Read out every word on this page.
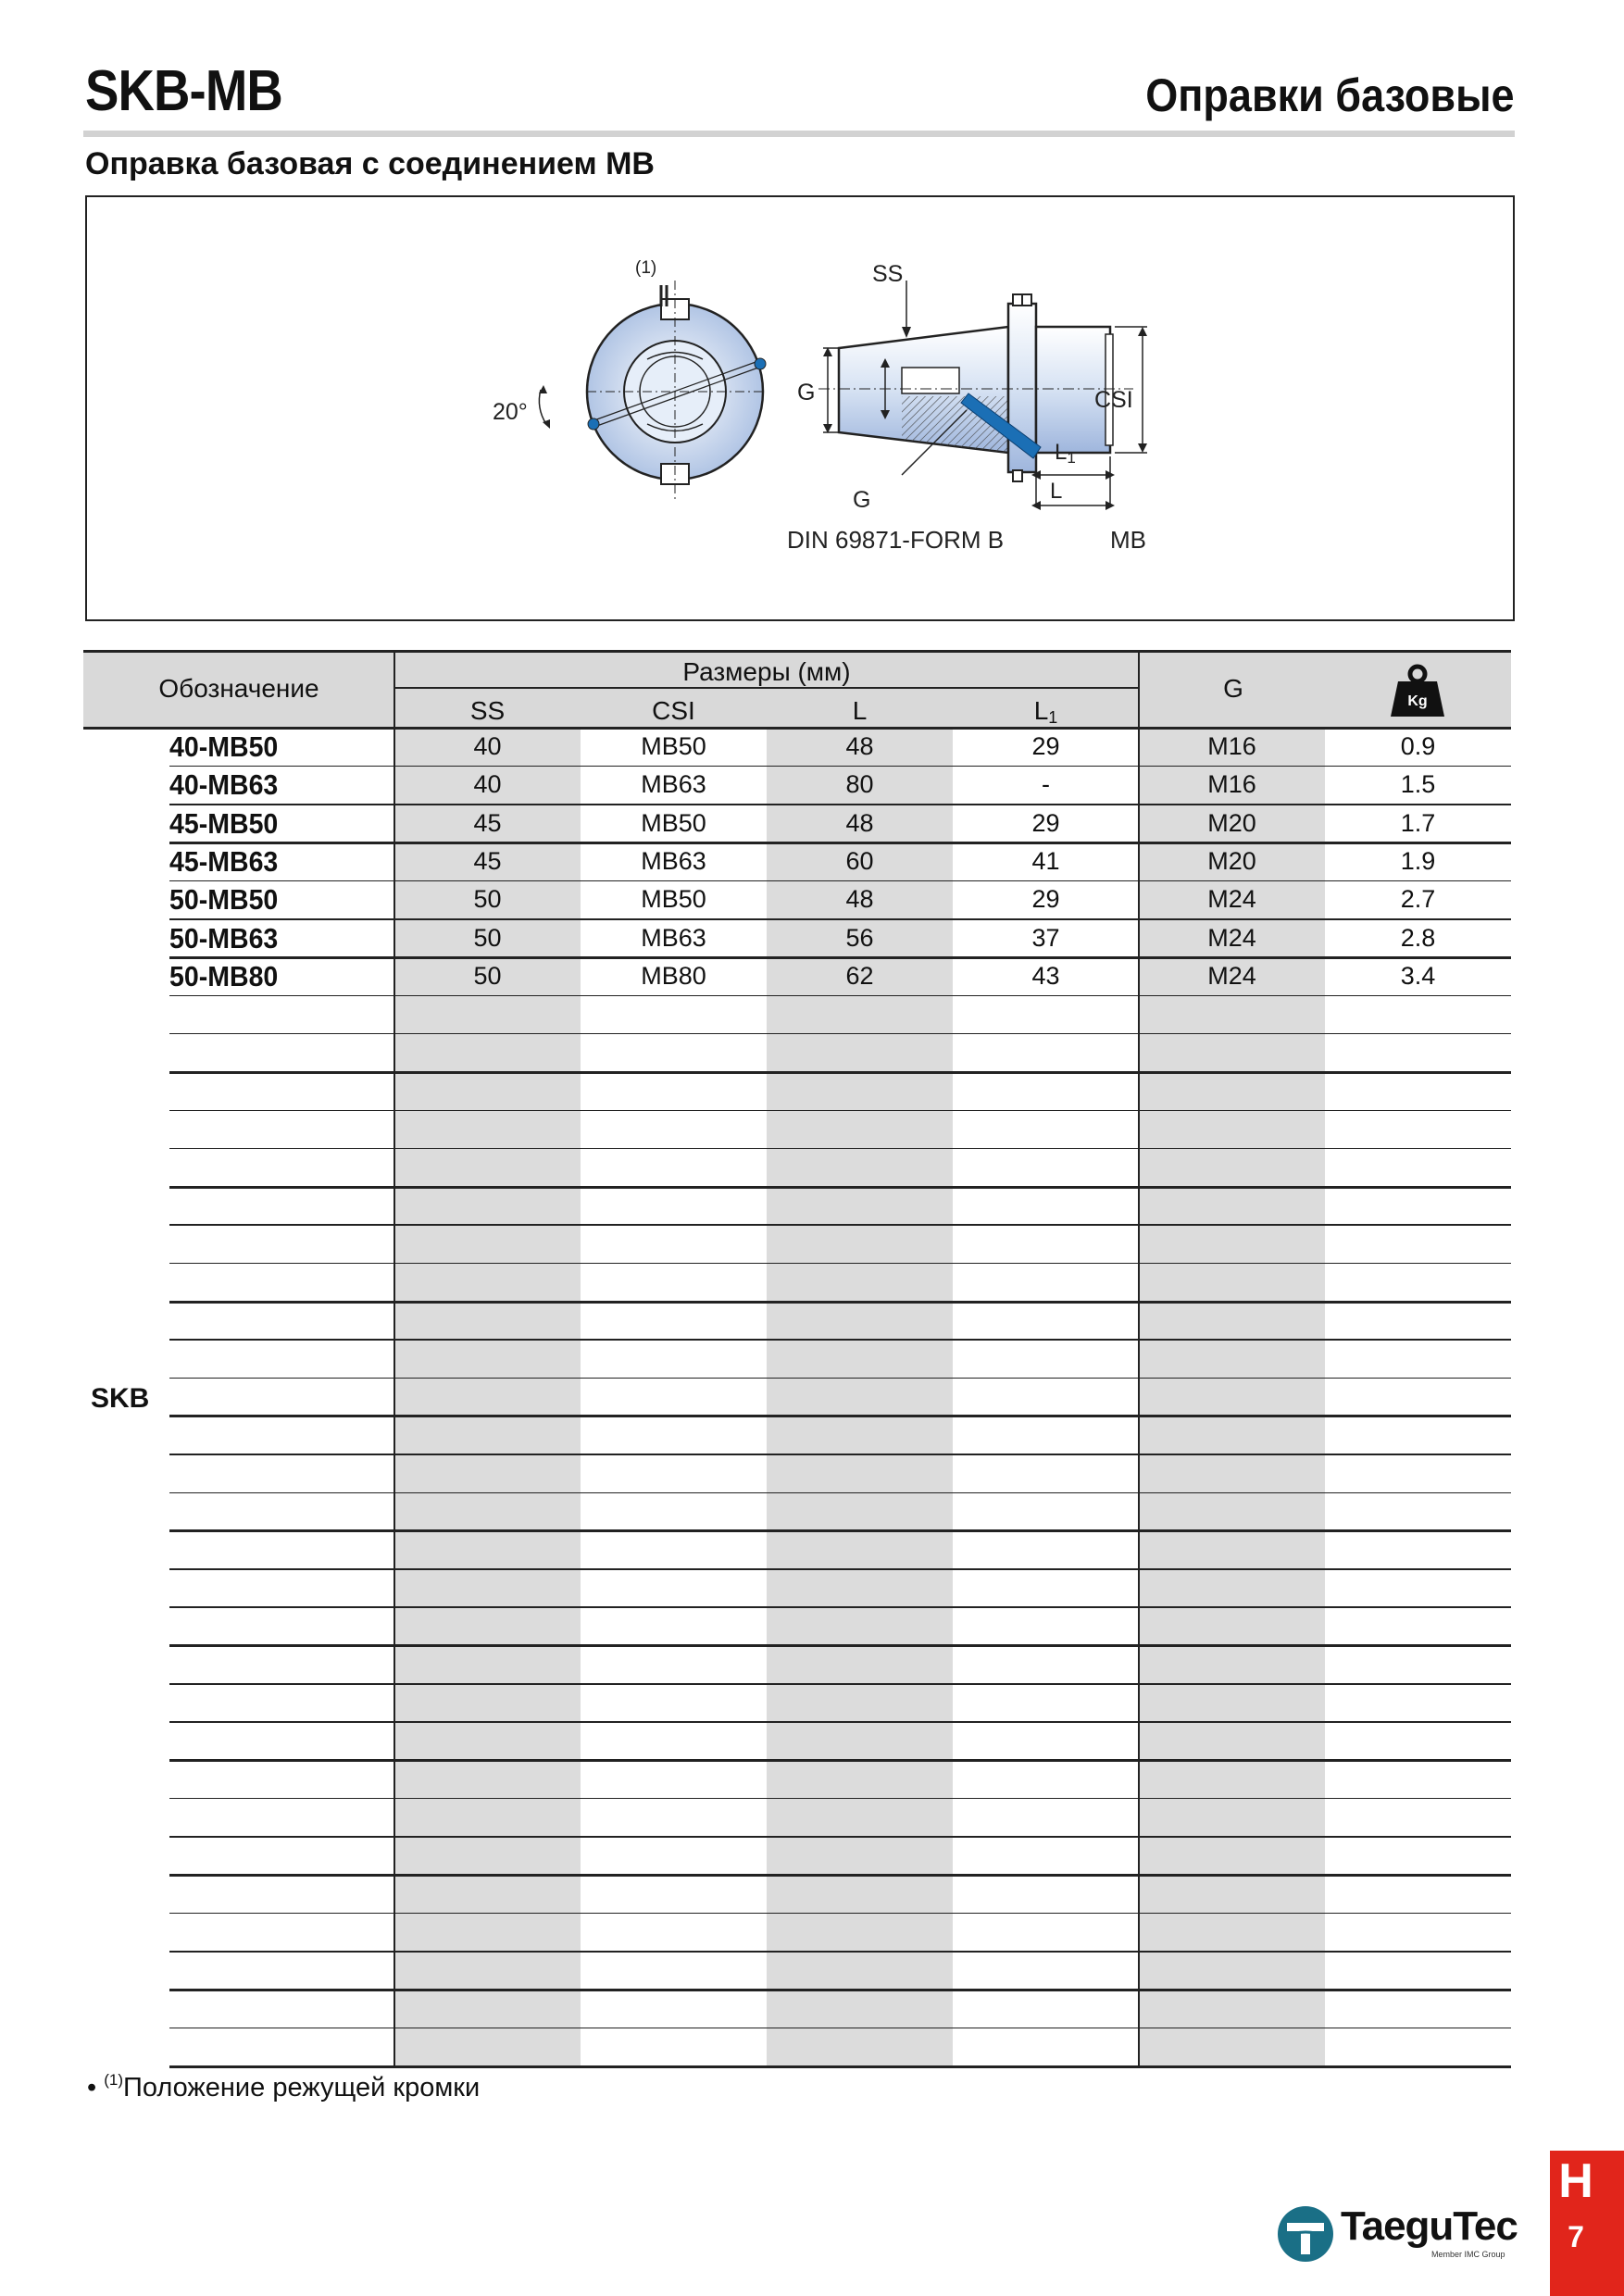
SKB-MB	Оправки базовые
Оправка базовая с соединением MB
(1)
20°
SS
G	CSI
L1
L
G
DIN 69871-FORM B	MB
Обозначение
Размеры (мм)
SS	CSI	L	L1
G	Kg
SKB
40-MB50	40	MB50	48	29	M16	0.9
40-MB63	40	MB63	80	-	M16	1.5
45-MB50	45	MB50	48	29	M20	1.7
45-MB63	45	MB63	60	41	M20	1.9
50-MB50	50	MB50	48	29	M24	2.7
50-MB63	50	MB63	56	37	M24	2.8
50-MB80	50	MB80	62	43	M24	3.4
• $^{(1)}$Положение режущей кромки
TaeguTec
Member IMC Group
H
7
